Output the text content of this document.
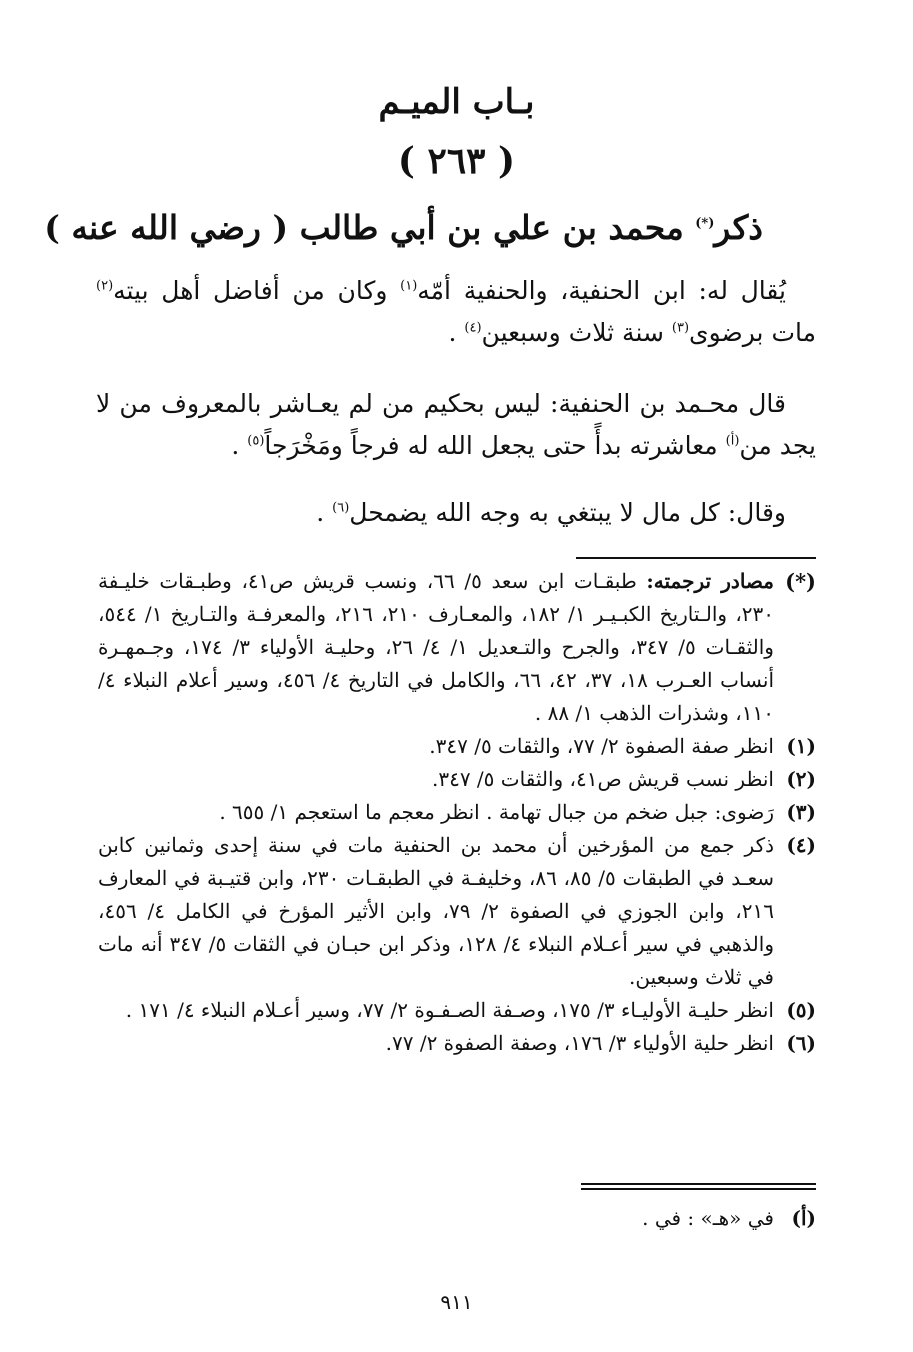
بـاب الميـم
( ٢٦٣ )
ذكر(*) محمد بن علي بن أبي طالب ( رضي الله عنه )
يُقال له: ابن الحنفية، والحنفية أمّه$^{(١)}$ وكان من أفاضل أهل بيته$^{(٢)}$ مات برضوى$^{(٣)}$ سنة ثلاث وسبعين$^{(٤)}$ .
قال محـمد بن الحنفية: ليس بحكيم من لم يعـاشر بالمعروف من لا يجد من$^{(أ)}$ معاشرته بدأً حتى يجعل الله له فرجاً ومَخْرَجاً$^{(٥)}$ .
وقال: كل مال لا يبتغي به وجه الله يضمحل$^{(٦)}$ .
(*)
مصادر ترجمته: طبقـات ابن سعد ٥/ ٦٦، ونسب قريش ص٤١، وطبـقات خليـفة ٢٣٠، والـتاريخ الكبـيـر ١/ ١٨٢، والمعـارف ٢١٠، ٢١٦، والمعرفـة والتـاريخ ١/ ٥٤٤، والثقـات ٥/ ٣٤٧، والجرح والتـعديل ١/ ٤/ ٢٦، وحليـة الأولياء ٣/ ١٧٤، وجـمهـرة أنساب العـرب ١٨، ٣٧، ٤٢، ٦٦، والكامل في التاريخ ٤/ ٤٥٦، وسير أعلام النبلاء ٤/ ١١٠، وشذرات الذهب ١/ ٨٨ .
(١)
انظر صفة الصفوة ٢/ ٧٧، والثقات ٥/ ٣٤٧.
(٢)
انظر نسب قريش ص٤١، والثقات ٥/ ٣٤٧.
(٣)
رَضوى: جبل ضخم من جبال تهامة . انظر معجم ما استعجم ١/ ٦٥٥ .
(٤)
ذكر جمع من المؤرخين أن محمد بن الحنفية مات في سنة إحدى وثمانين كابن سعـد في الطبقات ٥/ ٨٥، ٨٦، وخليفـة في الطبقـات ٢٣٠، وابن قتيـبة في المعارف ٢١٦، وابن الجوزي في الصفوة ٢/ ٧٩، وابن الأثير المؤرخ في الكامل ٤/ ٤٥٦، والذهبي في سير أعـلام النبلاء ٤/ ١٢٨، وذكر ابن حبـان في الثقات ٥/ ٣٤٧ أنه مات في ثلاث وسبعين.
(٥)
انظر حليـة الأوليـاء ٣/ ١٧٥، وصـفة الصـفـوة ٢/ ٧٧، وسير أعـلام النبلاء ٤/ ١٧١ .
(٦)
انظر حلية الأولياء ٣/ ١٧٦، وصفة الصفوة ٢/ ٧٧.
(أ)
في «هـ» : في .
٩١١
